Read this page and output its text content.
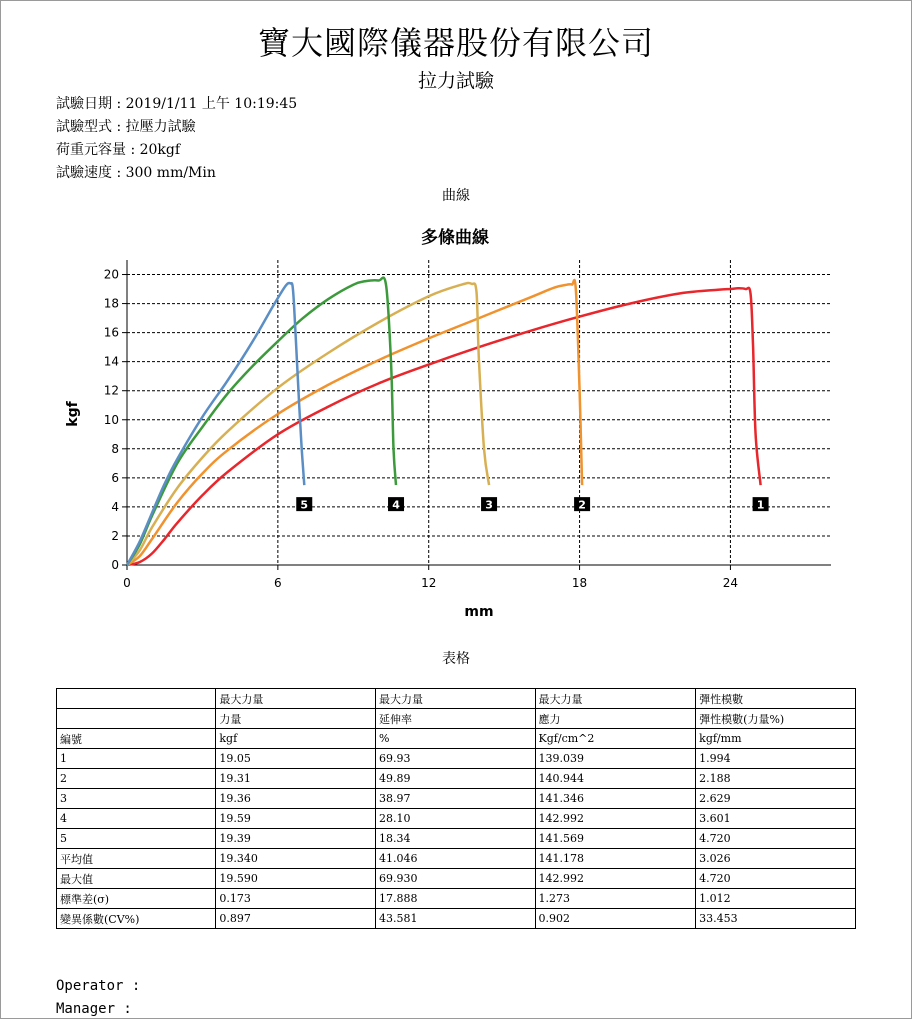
寶大國際儀器股份有限公司
拉力試驗
試驗日期 : 2019/1/11 上午 10:19:45
試驗型式 : 拉壓力試驗
荷重元容量 : 20kgf
試驗速度 : 300 mm/Min
曲線
多條曲線
0
2
4
6
8
10
12
14
16
18
20
0	6	12	18	24
1
2
3
4
5
mm
kgf
表格
	最大力量	最大力量	最大力量	彈性模數
	力量	延伸率	應力	彈性模數(力量%)
編號	kgf	%	Kgf/cm^2	kgf/mm
1	19.05	69.93	139.039	1.994
2	19.31	49.89	140.944	2.188
3	19.36	38.97	141.346	2.629
4	19.59	28.10	142.992	3.601
5	19.39	18.34	141.569	4.720
平均值	19.340	41.046	141.178	3.026
最大值	19.590	69.930	142.992	4.720
標準差(σ)	0.173	17.888	1.273	1.012
變異係數(CV%)	0.897	43.581	0.902	33.453
Operator :
Manager :
